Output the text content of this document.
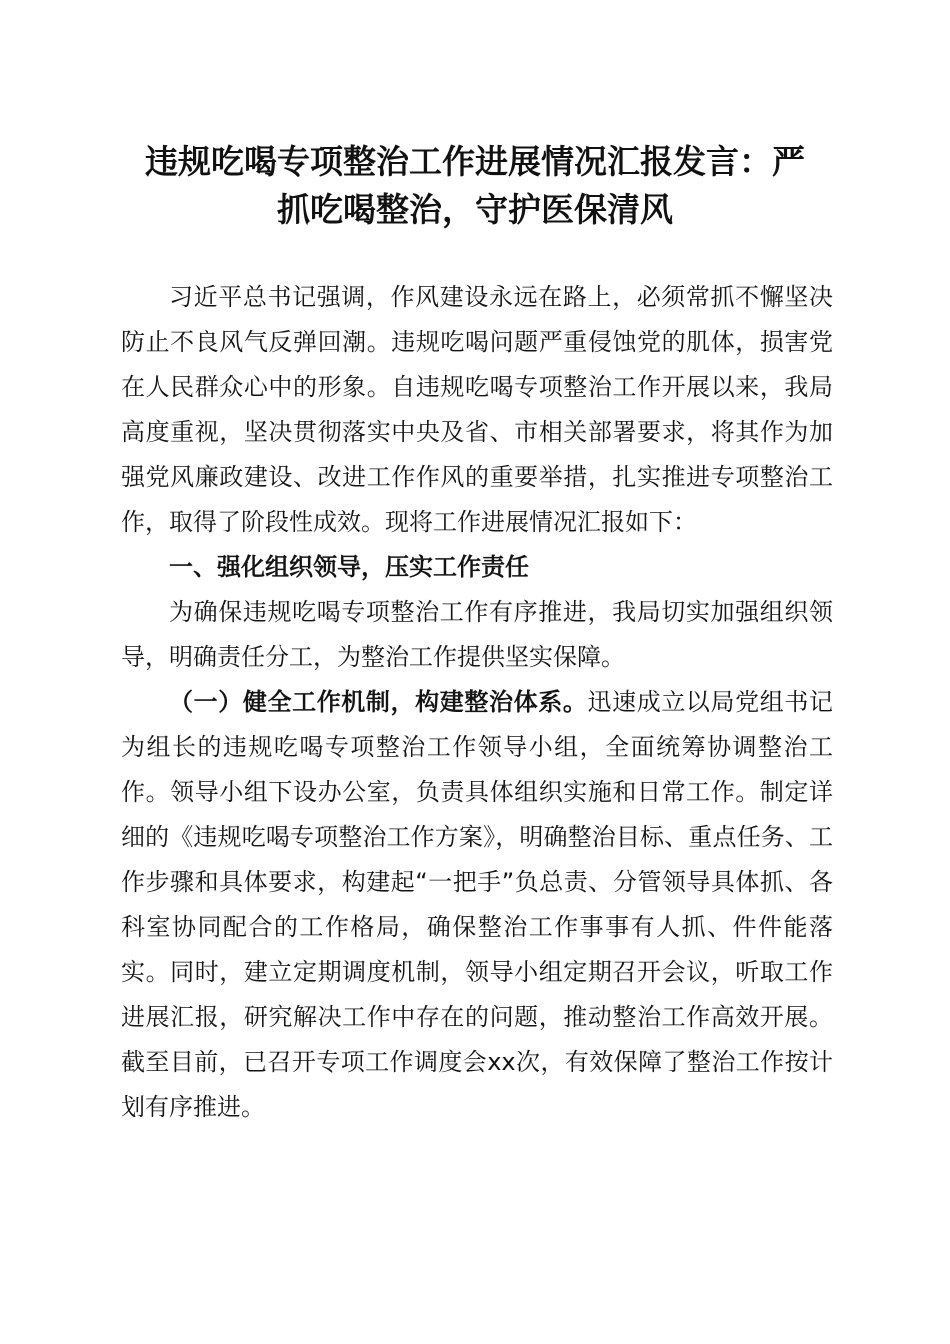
违规吃喝专项整治工作进展情况汇报发言：严
抓吃喝整治，守护医保清风

习近平总书记强调，作风建设永远在路上，必须常抓不懈坚决防止不良风气反弹回潮。违规吃喝问题严重侵蚀党的肌体，损害党在人民群众心中的形象。自违规吃喝专项整治工作开展以来，我局高度重视，坚决贯彻落实中央及省、市相关部署要求，将其作为加强党风廉政建设、改进工作作风的重要举措，扎实推进专项整治工作，取得了阶段性成效。现将工作进展情况汇报如下：

一、强化组织领导，压实工作责任

为确保违规吃喝专项整治工作有序推进，我局切实加强组织领导，明确责任分工，为整治工作提供坚实保障。

（一）健全工作机制，构建整治体系。迅速成立以局党组书记为组长的违规吃喝专项整治工作领导小组，全面统筹协调整治工作。领导小组下设办公室，负责具体组织实施和日常工作。制定详细的《违规吃喝专项整治工作方案》，明确整治目标、重点任务、工作步骤和具体要求，构建起“一把手”负总责、分管领导具体抓、各科室协同配合的工作格局，确保整治工作事事有人抓、件件能落实。同时，建立定期调度机制，领导小组定期召开会议，听取工作进展汇报，研究解决工作中存在的问题，推动整治工作高效开展。截至目前，已召开专项工作调度会xx次，有效保障了整治工作按计划有序推进。
